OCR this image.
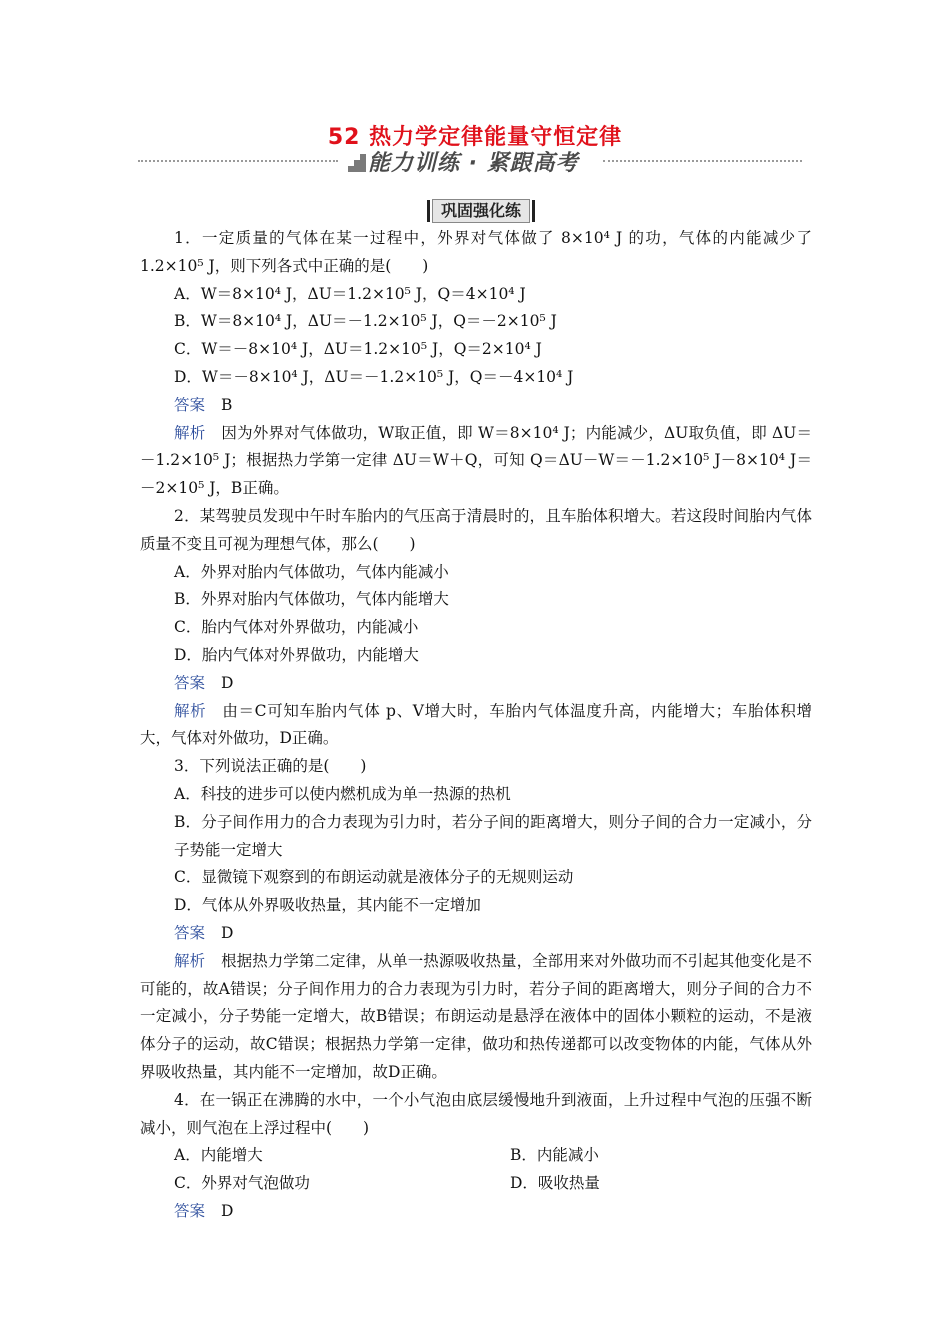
52 热力学定律能量守恒定律
能力训练 · 紧跟高考
巩固强化练

1．一定质量的气体在某一过程中，外界对气体做了 8×10⁴ J 的功，气体的内能减少了 1.2×10⁵ J，则下列各式中正确的是(　　)

A．W＝8×10⁴ J，ΔU＝1.2×10⁵ J，Q＝4×10⁴ J

B．W＝8×10⁴ J，ΔU＝－1.2×10⁵ J，Q＝－2×10⁵ J

C．W＝－8×10⁴ J，ΔU＝1.2×10⁵ J，Q＝2×10⁴ J

D．W＝－8×10⁴ J，ΔU＝－1.2×10⁵ J，Q＝－4×10⁴ J

答案 B

解析 因为外界对气体做功，W取正值，即 W＝8×10⁴ J；内能减少，ΔU取负值，即 ΔU＝－1.2×10⁵ J；根据热力学第一定律 ΔU＝W＋Q，可知 Q＝ΔU－W＝－1.2×10⁵ J－8×10⁴ J＝－2×10⁵ J，B正确。

2．某驾驶员发现中午时车胎内的气压高于清晨时的，且车胎体积增大。若这段时间胎内气体质量不变且可视为理想气体，那么(　　)

A．外界对胎内气体做功，气体内能减小

B．外界对胎内气体做功，气体内能增大

C．胎内气体对外界做功，内能减小

D．胎内气体对外界做功，内能增大

答案 D

解析 由＝C可知车胎内气体 p、V增大时，车胎内气体温度升高，内能增大；车胎体积增大，气体对外做功，D正确。

3．下列说法正确的是(　　)

A．科技的进步可以使内燃机成为单一热源的热机

B．分子间作用力的合力表现为引力时，若分子间的距离增大，则分子间的合力一定减小，分子势能一定增大

C．显微镜下观察到的布朗运动就是液体分子的无规则运动

D．气体从外界吸收热量，其内能不一定增加

答案 D

解析 根据热力学第二定律，从单一热源吸收热量，全部用来对外做功而不引起其他变化是不可能的，故A错误；分子间作用力的合力表现为引力时，若分子间的距离增大，则分子间的合力不一定减小，分子势能一定增大，故B错误；布朗运动是悬浮在液体中的固体小颗粒的运动，不是液体分子的运动，故C错误；根据热力学第一定律，做功和热传递都可以改变物体的内能，气体从外界吸收热量，其内能不一定增加，故D正确。

4．在一锅正在沸腾的水中，一个小气泡由底层缓慢地升到液面，上升过程中气泡的压强不断减小，则气泡在上浮过程中(　　)

A．内能增大	B．内能减小
C．外界对气泡做功	D．吸收热量

答案 D
